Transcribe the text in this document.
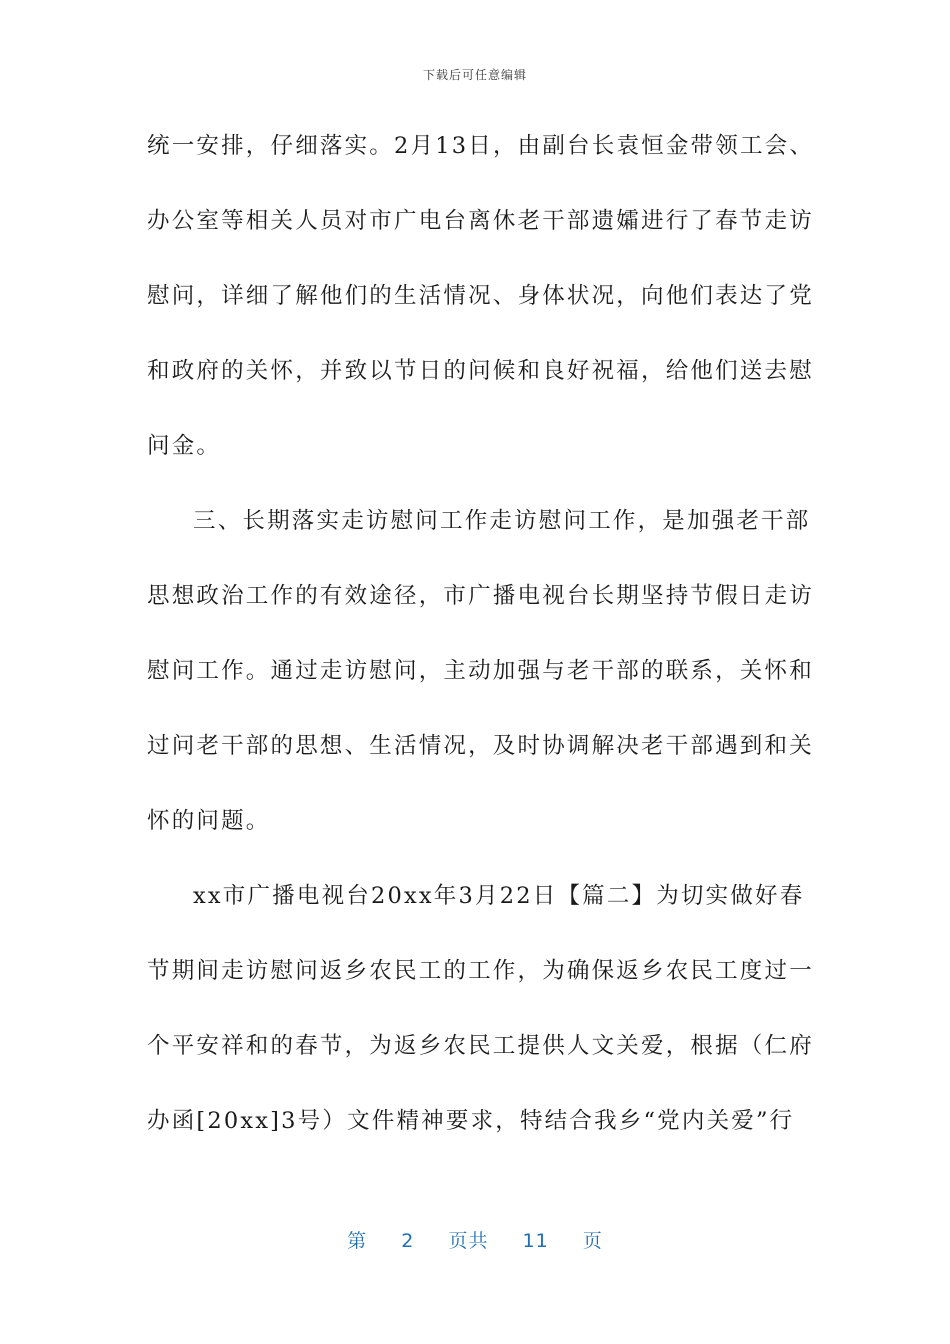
下载后可任意编辑
统一安排，仔细落实。2月13日，由副台长袁恒金带领工会、
办公室等相关人员对市广电台离休老干部遗孀进行了春节走访
慰问，详细了解他们的生活情况、身体状况，向他们表达了党
和政府的关怀，并致以节日的问候和良好祝福，给他们送去慰
问金。
三、长期落实走访慰问工作走访慰问工作，是加强老干部
思想政治工作的有效途径，市广播电视台长期坚持节假日走访
慰问工作。通过走访慰问，主动加强与老干部的联系，关怀和
过问老干部的思想、生活情况，及时协调解决老干部遇到和关
怀的问题。
xx市广播电视台20xx年3月22日【篇二】为切实做好春
节期间走访慰问返乡农民工的工作，为确保返乡农民工度过一
个平安祥和的春节，为返乡农民工提供人文关爱，根据（仁府
办函[20xx]3号）文件精神要求，特结合我乡“党内关爱”行
第 2 页共 11 页
